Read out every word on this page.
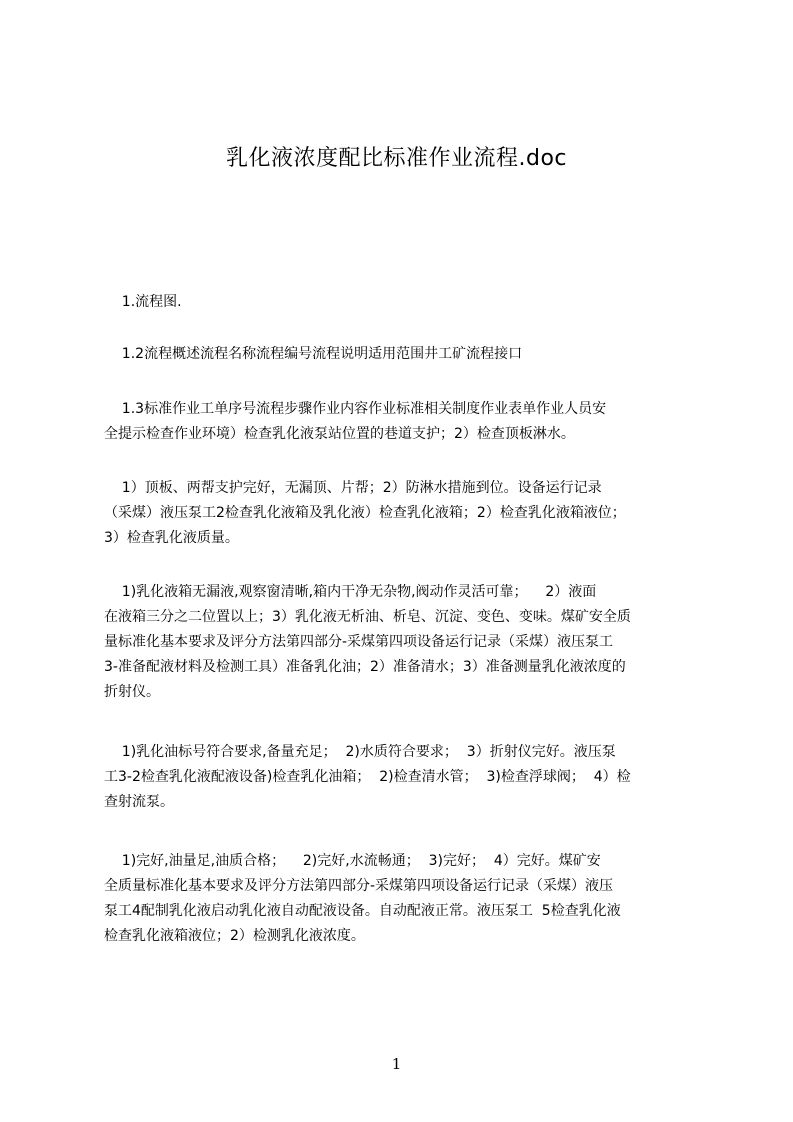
乳化液浓度配比标准作业流程.doc
1.流程图.
1.2流程概述流程名称流程编号流程说明适用范围井工矿流程接口
1.3标准作业工单序号流程步骤作业内容作业标准相关制度作业表单作业人员安
全提示检查作业环境）检查乳化液泵站位置的巷道支护；2）检查顶板淋水。
1）顶板、两帮支护完好，无漏顶、片帮；2）防淋水措施到位。设备运行记录
（采煤）液压泵工2检查乳化液箱及乳化液）检查乳化液箱；2）检查乳化液箱液位；
3）检查乳化液质量。
1)乳化液箱无漏液,观察窗清晰,箱内干净无杂物,阀动作灵活可靠；    2）液面
在液箱三分之二位置以上；3）乳化液无析油、析皂、沉淀、变色、变味。煤矿安全质
量标准化基本要求及评分方法第四部分-采煤第四项设备运行记录（采煤）液压泵工
3-准备配液材料及检测工具）准备乳化油；2）准备清水；3）准备测量乳化液浓度的
折射仪。
1)乳化油标号符合要求,备量充足；  2)水质符合要求；  3）折射仪完好。液压泵
工3-2检查乳化液配液设备)检查乳化油箱；  2)检查清水管；  3)检查浮球阀；  4）检
查射流泵。
1)完好,油量足,油质合格；    2)完好,水流畅通；  3)完好；  4）完好。煤矿安
全质量标准化基本要求及评分方法第四部分-采煤第四项设备运行记录（采煤）液压
泵工4配制乳化液启动乳化液自动配液设备。自动配液正常。液压泵工  5检查乳化液
检查乳化液箱液位；2）检测乳化液浓度。
1
